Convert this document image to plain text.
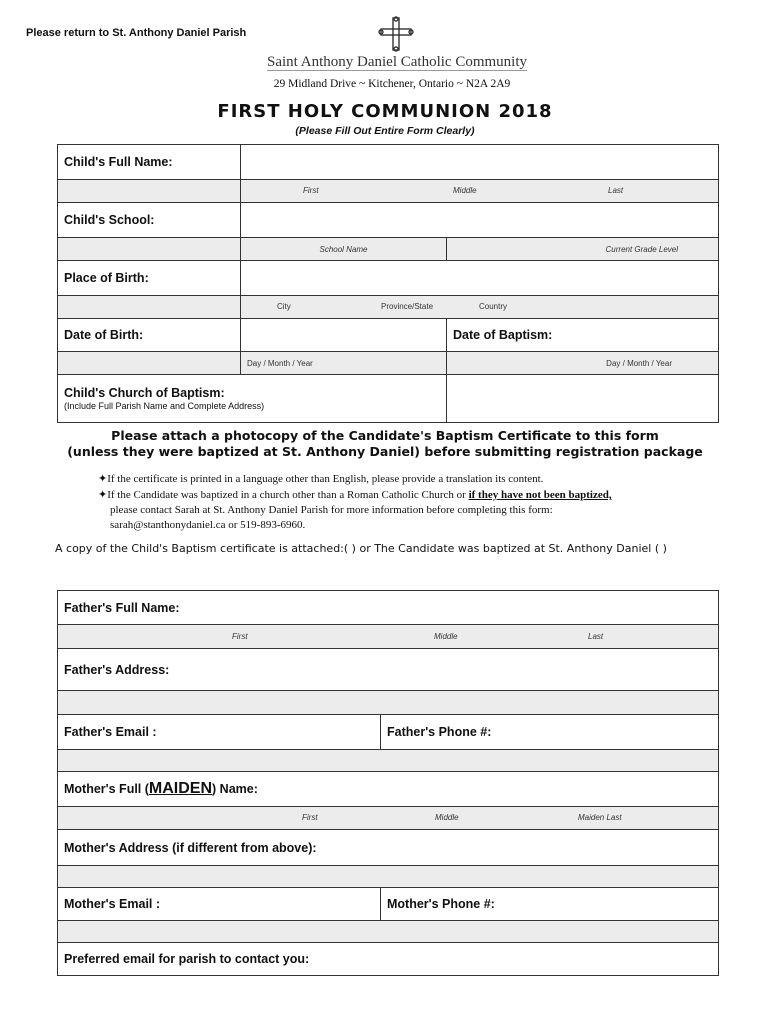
Please return to St. Anthony Daniel Parish
Saint Anthony Daniel Catholic Community
29 Midland Drive ~ Kitchener, Ontario ~ N2A 2A9
FIRST HOLY COMMUNION 2018
(Please Fill Out Entire Form Clearly)
Child's Full Name:		

	First Middle Last	

Child's School:		
	School Name	Current Grade Level
Place of Birth:		

	City Province/State Country	

Date of Birth:		Date of Baptism:
	Day / Month / Year	Day / Month / Year
Child's Church of Baptism:
(Include Full Parish Name and Complete Address)		

Please attach a photocopy of the Candidate's Baptism Certificate to this form
(unless they were baptized at St. Anthony Daniel) before submitting registration package
✦If the certificate is printed in a language other than English, please provide a translation its content.
✦If the Candidate was baptized in a church other than a Roman Catholic Church or if they have not been baptized,
please contact Sarah at St. Anthony Daniel Parish for more information before completing this form:
sarah@stanthonydaniel.ca or 519-893-6960.
A copy of the Child's Baptism certificate is attached:( ) or The Candidate was baptized at St. Anthony Daniel ( )
Father's Full Name:	

First Middle Last	

Father's Address:	

Father's Email :	Father's Phone #:

Mother's Full (MAIDEN) Name:	

First Middle Maiden Last	

Mother's Address (if different from above):	

Mother's Email :	Mother's Phone #:

Preferred email for parish to contact you:	
